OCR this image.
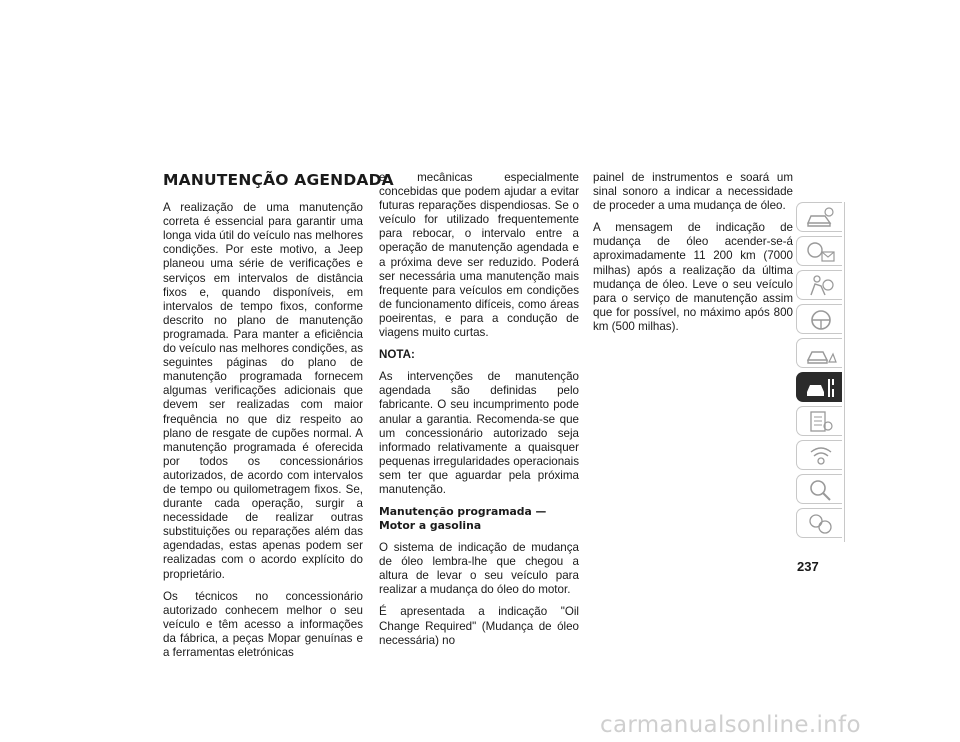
MANUTENÇÃO AGENDADA

A realização de uma manutenção correta é essencial para garantir uma longa vida útil do veículo nas melhores condições. Por este motivo, a Jeep planeou uma série de verificações e serviços em intervalos de distância fixos e, quando disponíveis, em intervalos de tempo fixos, conforme descrito no plano de manutenção programada. Para manter a eficiência do veículo nas melhores condições, as seguintes páginas do plano de manutenção programada fornecem algumas verificações adicionais que devem ser realizadas com maior frequência no que diz respeito ao plano de resgate de cupões normal. A manutenção programada é oferecida por todos os concessionários autorizados, de acordo com intervalos de tempo ou quilometragem fixos. Se, durante cada operação, surgir a necessidade de realizar outras substituições ou reparações além das agendadas, estas apenas podem ser realizadas com o acordo explícito do proprietário.

Os técnicos no concessionário autorizado conhecem melhor o seu veículo e têm acesso a informações da fábrica, a peças Mopar genuínas e a ferramentas eletrónicas

e mecânicas especialmente concebidas que podem ajudar a evitar futuras reparações dispendiosas. Se o veículo for utilizado frequentemente para rebocar, o intervalo entre a operação de manutenção agendada e a próxima deve ser reduzido. Poderá ser necessária uma manutenção mais frequente para veículos em condições de funcionamento difíceis, como áreas poeirentas, e para a condução de viagens muito curtas.

NOTA:

As intervenções de manutenção agendada são definidas pelo fabricante. O seu incumprimento pode anular a garantia. Recomenda-se que um concessionário autorizado seja informado relativamente a quaisquer pequenas irregularidades operacionais sem ter que aguardar pela próxima manutenção.

Manutenção programada — Motor a gasolina

O sistema de indicação de mudança de óleo lembra-lhe que chegou a altura de levar o seu veículo para realizar a mudança do óleo do motor.

É apresentada a indicação "Oil Change Required" (Mudança de óleo necessária) no

painel de instrumentos e soará um sinal sonoro a indicar a necessidade de proceder a uma mudança de óleo.

A mensagem de indicação de mudança de óleo acender-se-á aproximadamente 11 200 km (7000 milhas) após a realização da última mudança de óleo. Leve o seu veículo para o serviço de manutenção assim que for possível, no máximo após 800 km (500 milhas).

237
carmanualsonline.info
